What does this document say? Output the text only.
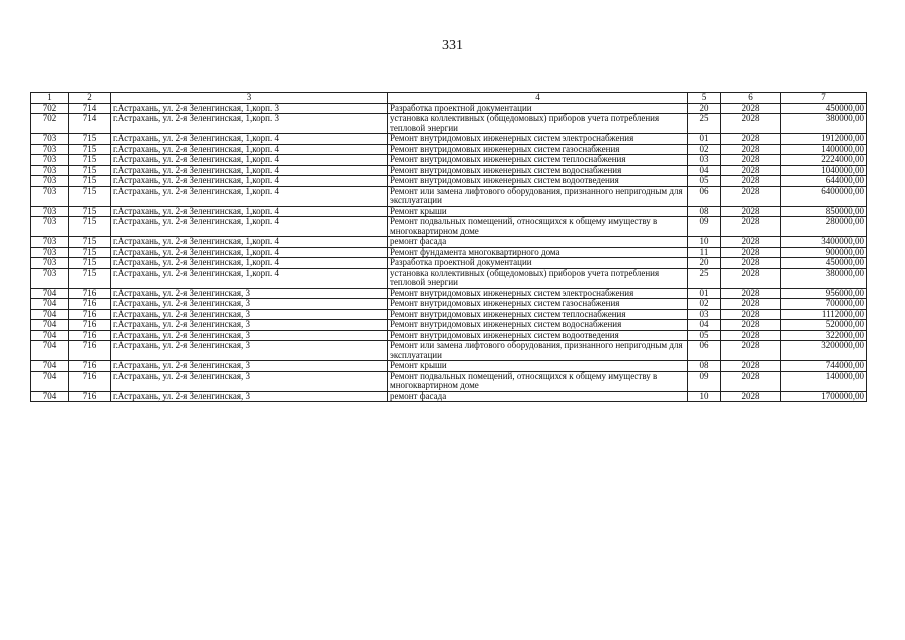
331
1	2	3	4	5	6	7
702	714	г.Астрахань, ул. 2-я Зеленгинская, 1,корп. 3	Разработка проектной документации	20	2028	450000,00
702	714	г.Астрахань, ул. 2-я Зеленгинская, 1,корп. 3	установка коллективных (общедомовых) приборов учета потребления тепловой энергии	25	2028	380000,00
703	715	г.Астрахань, ул. 2-я Зеленгинская, 1,корп. 4	Ремонт внутридомовых инженерных систем электроснабжения	01	2028	1912000,00
703	715	г.Астрахань, ул. 2-я Зеленгинская, 1,корп. 4	Ремонт внутридомовых инженерных систем газоснабжения	02	2028	1400000,00
703	715	г.Астрахань, ул. 2-я Зеленгинская, 1,корп. 4	Ремонт внутридомовых инженерных систем теплоснабжения	03	2028	2224000,00
703	715	г.Астрахань, ул. 2-я Зеленгинская, 1,корп. 4	Ремонт внутридомовых инженерных систем водоснабжения	04	2028	1040000,00
703	715	г.Астрахань, ул. 2-я Зеленгинская, 1,корп. 4	Ремонт внутридомовых инженерных систем водоотведения	05	2028	644000,00
703	715	г.Астрахань, ул. 2-я Зеленгинская, 1,корп. 4	Ремонт или замена лифтового оборудования, признанного непригодным для эксплуатации	06	2028	6400000,00
703	715	г.Астрахань, ул. 2-я Зеленгинская, 1,корп. 4	Ремонт крыши	08	2028	850000,00
703	715	г.Астрахань, ул. 2-я Зеленгинская, 1,корп. 4	Ремонт подвальных помещений, относящихся к общему имуществу в многоквартирном доме	09	2028	280000,00
703	715	г.Астрахань, ул. 2-я Зеленгинская, 1,корп. 4	ремонт фасада	10	2028	3400000,00
703	715	г.Астрахань, ул. 2-я Зеленгинская, 1,корп. 4	Ремонт фундамента многоквартирного дома	11	2028	900000,00
703	715	г.Астрахань, ул. 2-я Зеленгинская, 1,корп. 4	Разработка проектной документации	20	2028	450000,00
703	715	г.Астрахань, ул. 2-я Зеленгинская, 1,корп. 4	установка коллективных (общедомовых) приборов учета потребления тепловой энергии	25	2028	380000,00
704	716	г.Астрахань, ул. 2-я Зеленгинская, 3	Ремонт внутридомовых инженерных систем электроснабжения	01	2028	956000,00
704	716	г.Астрахань, ул. 2-я Зеленгинская, 3	Ремонт внутридомовых инженерных систем газоснабжения	02	2028	700000,00
704	716	г.Астрахань, ул. 2-я Зеленгинская, 3	Ремонт внутридомовых инженерных систем теплоснабжения	03	2028	1112000,00
704	716	г.Астрахань, ул. 2-я Зеленгинская, 3	Ремонт внутридомовых инженерных систем водоснабжения	04	2028	520000,00
704	716	г.Астрахань, ул. 2-я Зеленгинская, 3	Ремонт внутридомовых инженерных систем водоотведения	05	2028	322000,00
704	716	г.Астрахань, ул. 2-я Зеленгинская, 3	Ремонт или замена лифтового оборудования, признанного непригодным для эксплуатации	06	2028	3200000,00
704	716	г.Астрахань, ул. 2-я Зеленгинская, 3	Ремонт крыши	08	2028	744000,00
704	716	г.Астрахань, ул. 2-я Зеленгинская, 3	Ремонт подвальных помещений, относящихся к общему имуществу в многоквартирном доме	09	2028	140000,00
704	716	г.Астрахань, ул. 2-я Зеленгинская, 3	ремонт фасада	10	2028	1700000,00
